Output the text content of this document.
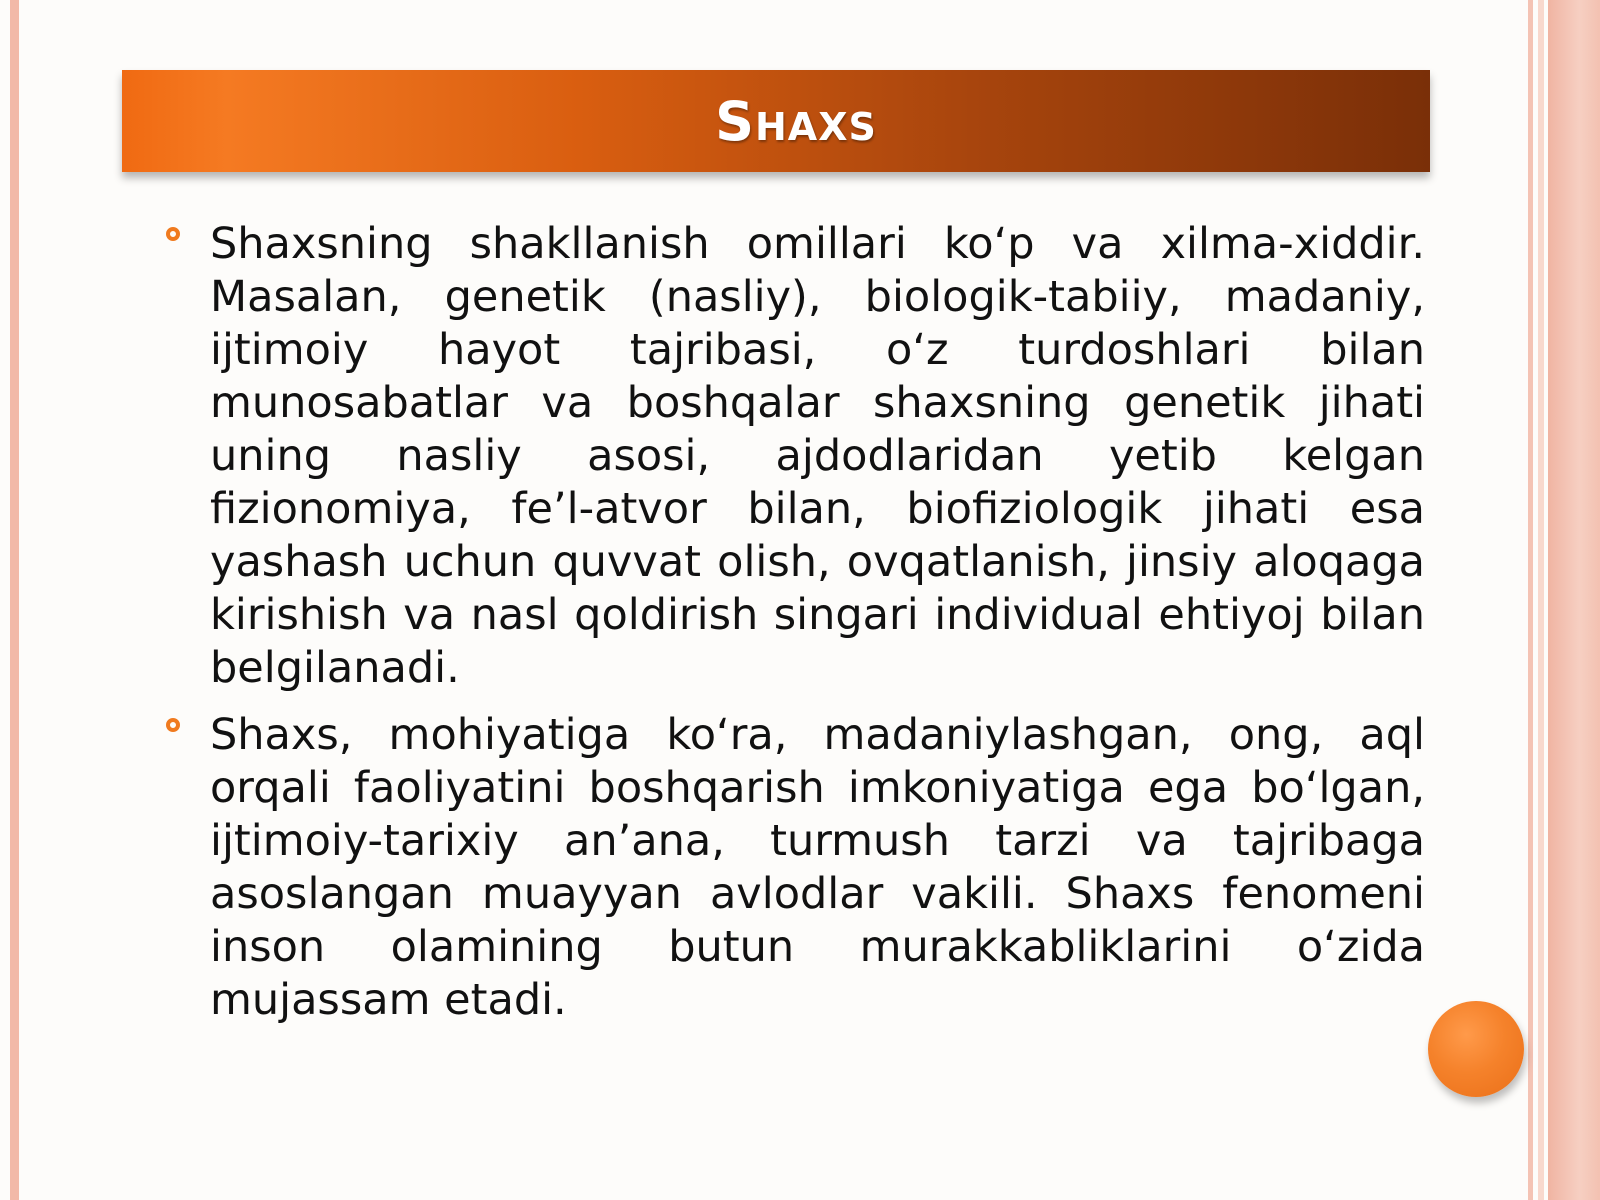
Shaxs

Shaxsning shakllanish omillari ko‘p va xilma-xiddir. Masalan, genetik (nasliy), biologik-tabiiy, madaniy, ijtimoiy hayot tajribasi, o‘z turdoshlari bilan munosabatlar va boshqalar shaxsning genetik jihati uning nasliy asosi, ajdodlaridan yetib kelgan fizionomiya, fe’l-atvor bilan, biofiziologik jihati esa yashash uchun quvvat olish, ovqatlanish, jinsiy aloqaga kirishish va nasl qoldirish singari individual ehtiyoj bilan belgilanadi.

Shaxs, mohiyatiga ko‘ra, madaniylashgan, ong, aql orqali faoliyatini boshqarish imkoniyatiga ega bo‘lgan, ijtimoiy-tarixiy an’ana, turmush tarzi va tajribaga asoslangan muayyan avlodlar vakili. Shaxs fenomeni inson olamining butun murakkabliklarini o‘zida mujassam etadi.
